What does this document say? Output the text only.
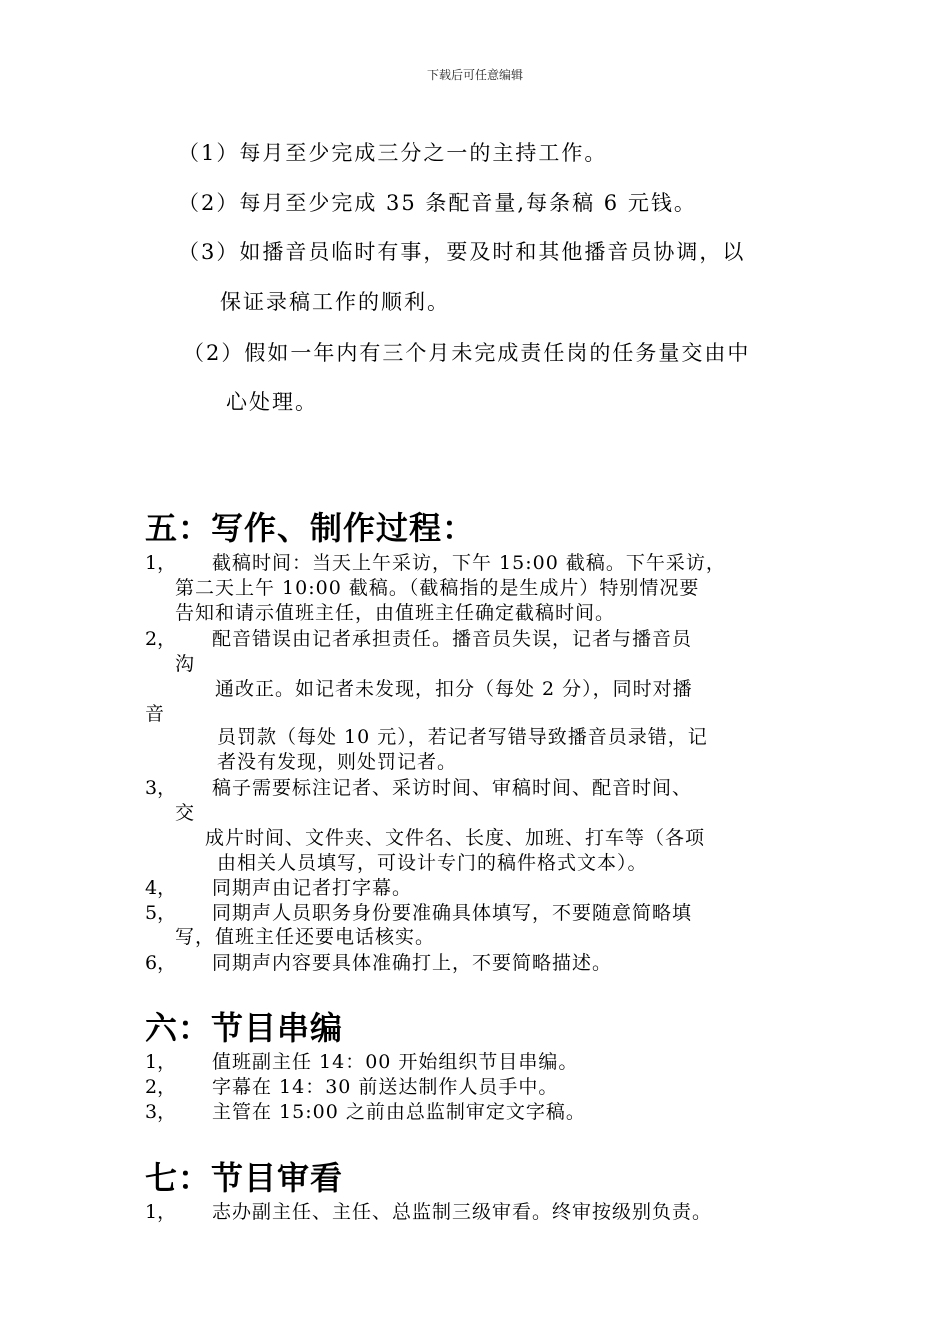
下载后可任意编辑
（1）每月至少完成三分之一的主持工作。
（2）每月至少完成 35 条配音量,每条稿 6 元钱。
（3）如播音员临时有事，要及时和其他播音员协调，以
保证录稿工作的顺利。
（2）假如一年内有三个月未完成责任岗的任务量交由中
心处理。
五：写作、制作过程：
1， 截稿时间：当天上午采访，下午 15:00 截稿。下午采访，
第二天上午 10:00 截稿。（截稿指的是生成片）特别情况要
告知和请示值班主任，由值班主任确定截稿时间。
2， 配音错误由记者承担责任。播音员失误，记者与播音员
沟
通改正。如记者未发现，扣分（每处 2 分），同时对播
音
员罚款（每处 10 元），若记者写错导致播音员录错，记
者没有发现，则处罚记者。
3， 稿子需要标注记者、采访时间、审稿时间、配音时间、
交
成片时间、文件夹、文件名、长度、加班、打车等（各项
由相关人员填写，可设计专门的稿件格式文本）。
4， 同期声由记者打字幕。
5， 同期声人员职务身份要准确具体填写，不要随意简略填
写，值班主任还要电话核实。
6， 同期声内容要具体准确打上，不要简略描述。
六：节目串编
1， 值班副主任 14：00 开始组织节目串编。
2， 字幕在 14：30 前送达制作人员手中。
3， 主管在 15:00 之前由总监制审定文字稿。
七：节目审看
1， 志办副主任、主任、总监制三级审看。终审按级别负责。
